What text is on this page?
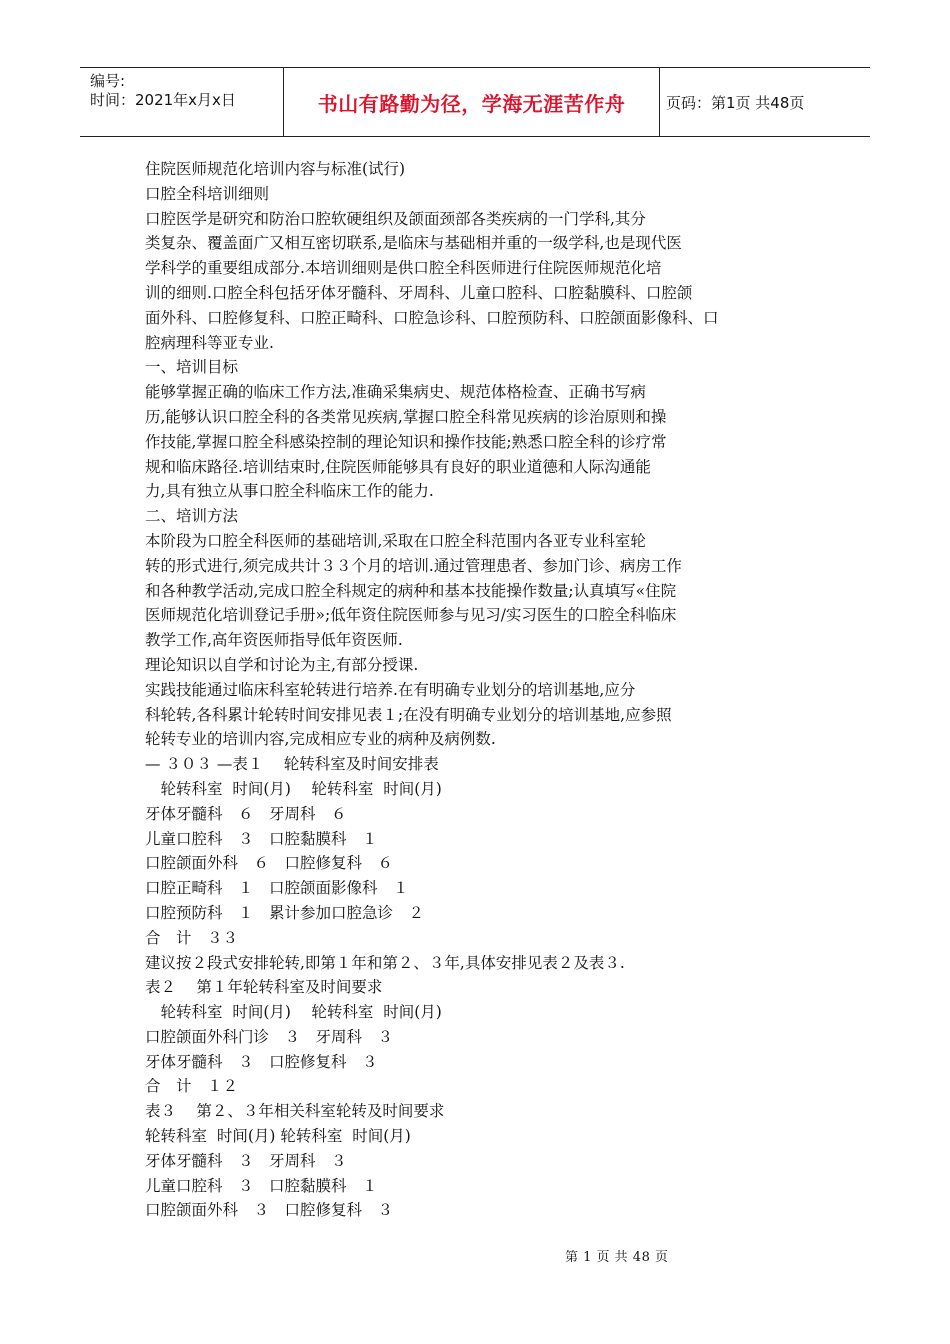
编号:
时间：2021年x月x日	书山有路勤为径，学海无涯苦作舟	页码：第1页 共48页
住院医师规范化培训内容与标准(试行)
口腔全科培训细则
口腔医学是研究和防治口腔软硬组织及颌面颈部各类疾病的一门学科,其分
类复杂、覆盖面广又相互密切联系,是临床与基础相并重的一级学科,也是现代医
学科学的重要组成部分.本培训细则是供口腔全科医师进行住院医师规范化培
训的细则.口腔全科包括牙体牙髓科、牙周科、儿童口腔科、口腔黏膜科、口腔颌
面外科、口腔修复科、口腔正畸科、口腔急诊科、口腔预防科、口腔颌面影像科、口
腔病理科等亚专业.
一、培训目标
能够掌握正确的临床工作方法,准确采集病史、规范体格检查、正确书写病
历,能够认识口腔全科的各类常见疾病,掌握口腔全科常见疾病的诊治原则和操
作技能,掌握口腔全科感染控制的理论知识和操作技能;熟悉口腔全科的诊疗常
规和临床路径.培训结束时,住院医师能够具有良好的职业道德和人际沟通能
力,具有独立从事口腔全科临床工作的能力.
二、培训方法
本阶段为口腔全科医师的基础培训,采取在口腔全科范围内各亚专业科室轮
转的形式进行,须完成共计３３个月的培训.通过管理患者、参加门诊、病房工作
和各种教学活动,完成口腔全科规定的病种和基本技能操作数量;认真填写«住院
医师规范化培训登记手册»;低年资住院医师参与见习/实习医生的口腔全科临床
教学工作,高年资医师指导低年资医师.
理论知识以自学和讨论为主,有部分授课.
实践技能通过临床科室轮转进行培养.在有明确专业划分的培训基地,应分
科轮转,各科累计轮转时间安排见表１;在没有明确专业划分的培训基地,应参照
轮转专业的培训内容,完成相应专业的病种及病例数.
— ３０３ —表１　 轮转科室及时间安排表
　轮转科室  时间(月)　 轮转科室  时间(月)
牙体牙髓科　６　牙周科　６
儿童口腔科　３　口腔黏膜科　１
口腔颌面外科　６　口腔修复科　６
口腔正畸科　１　口腔颌面影像科　１
口腔预防科　１　累计参加口腔急诊　２
合　计　３３
建议按２段式安排轮转,即第１年和第２、３年,具体安排见表２及表３.
表２　 第１年轮转科室及时间要求
　轮转科室  时间(月)　 轮转科室  时间(月)
口腔颌面外科门诊　３　牙周科　３
牙体牙髓科　３　口腔修复科　３
合　计　１２
表３　 第２、３年相关科室轮转及时间要求
轮转科室  时间(月) 轮转科室  时间(月)
牙体牙髓科　３　牙周科　３
儿童口腔科　３　口腔黏膜科　１
口腔颌面外科　３　口腔修复科　３
第 1 页 共 48 页
